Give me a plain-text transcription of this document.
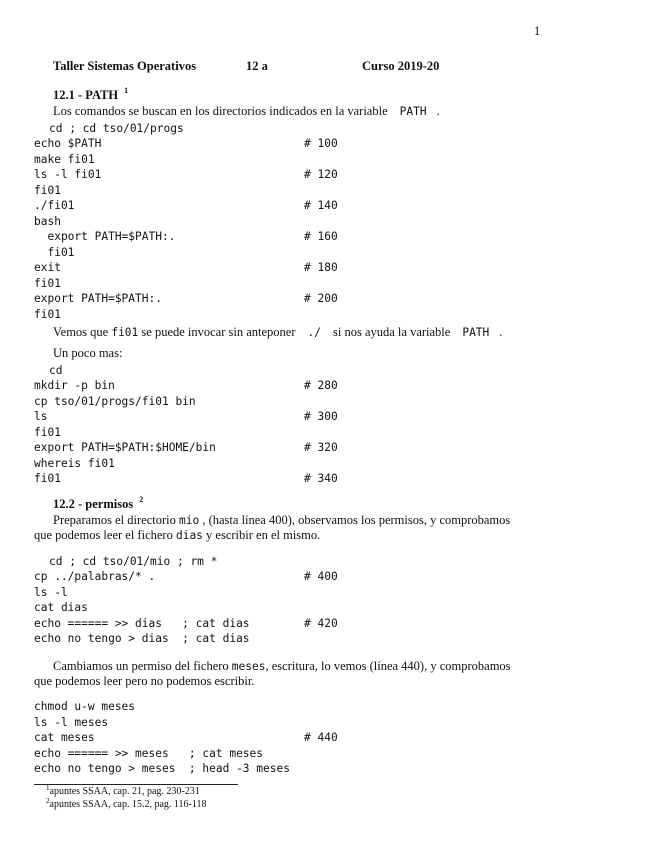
1
Taller Sistemas Operativos	12 a	Curso 2019-20
12.1 - PATH $^1$
Los comandos se buscan en los directorios indicados en la variable PATH .
cd ; cd tso/01/progs
echo $PATH	# 100
make fi01
ls -l fi01	# 120
fi01
./fi01	# 140
bash
export PATH=$PATH:.	# 160
fi01
exit	# 180
fi01
export PATH=$PATH:.	# 200
fi01
Vemos que fi01 se puede invocar sin anteponer ./ si nos ayuda la variable PATH .
Un poco mas:
cd
mkdir -p bin	# 280
cp tso/01/progs/fi01 bin
ls	# 300
fi01
export PATH=$PATH:$HOME/bin	# 320
whereis fi01
fi01	# 340
12.2 - permisos $^2$
Preparamos el directorio mio , (hasta línea 400), observamos los permisos, y comprobamos
que podemos leer el fichero dias y escribir en el mismo.
cd ; cd tso/01/mio ; rm *
cp ../palabras/* .	# 400
ls -l
cat dias
echo ====== >> dias   ; cat dias	# 420
echo no tengo > dias  ; cat dias
Cambiamos un permiso del fichero meses, escritura, lo vemos (línea 440), y comprobamos
que podemos leer pero no podemos escribir.
chmod u-w meses
ls -l meses
cat meses	# 440
echo ====== >> meses   ; cat meses
echo no tengo > meses  ; head -3 meses
$^1$apuntes SSAA, cap. 21, pag. 230-231
$^2$apuntes SSAA, cap. 15.2, pag. 116-118
